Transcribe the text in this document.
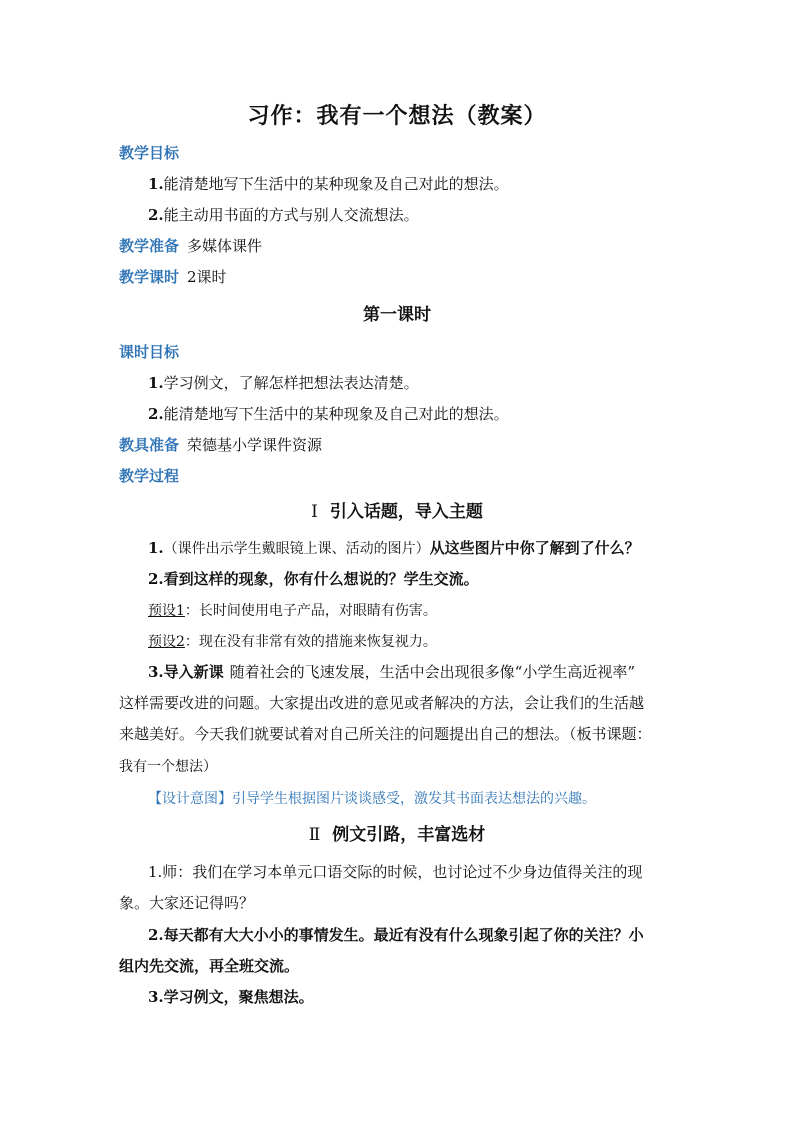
习作：我有一个想法（教案）
教学目标
1.能清楚地写下生活中的某种现象及自己对此的想法。
2.能主动用书面的方式与别人交流想法。
教学准备 多媒体课件
教学课时 2课时
第一课时
课时目标
1.学习例文，了解怎样把想法表达清楚。
2.能清楚地写下生活中的某种现象及自己对此的想法。
教具准备 荣德基小学课件资源
教学过程
Ⅰ 引入话题，导入主题
1.（课件出示学生戴眼镜上课、活动的图片）从这些图片中你了解到了什么？
2.看到这样的现象，你有什么想说的？学生交流。
预设1：长时间使用电子产品，对眼睛有伤害。
预设2：现在没有非常有效的措施来恢复视力。
3.导入新课 随着社会的飞速发展，生活中会出现很多像“小学生高近视率”
这样需要改进的问题。大家提出改进的意见或者解决的方法，会让我们的生活越
来越美好。今天我们就要试着对自己所关注的问题提出自己的想法。（板书课题：
我有一个想法）
【设计意图】引导学生根据图片谈谈感受，激发其书面表达想法的兴趣。
Ⅱ 例文引路，丰富选材
1.师：我们在学习本单元口语交际的时候，也讨论过不少身边值得关注的现
象。大家还记得吗？
2.每天都有大大小小的事情发生。最近有没有什么现象引起了你的关注？小
组内先交流，再全班交流。
3.学习例文，聚焦想法。
